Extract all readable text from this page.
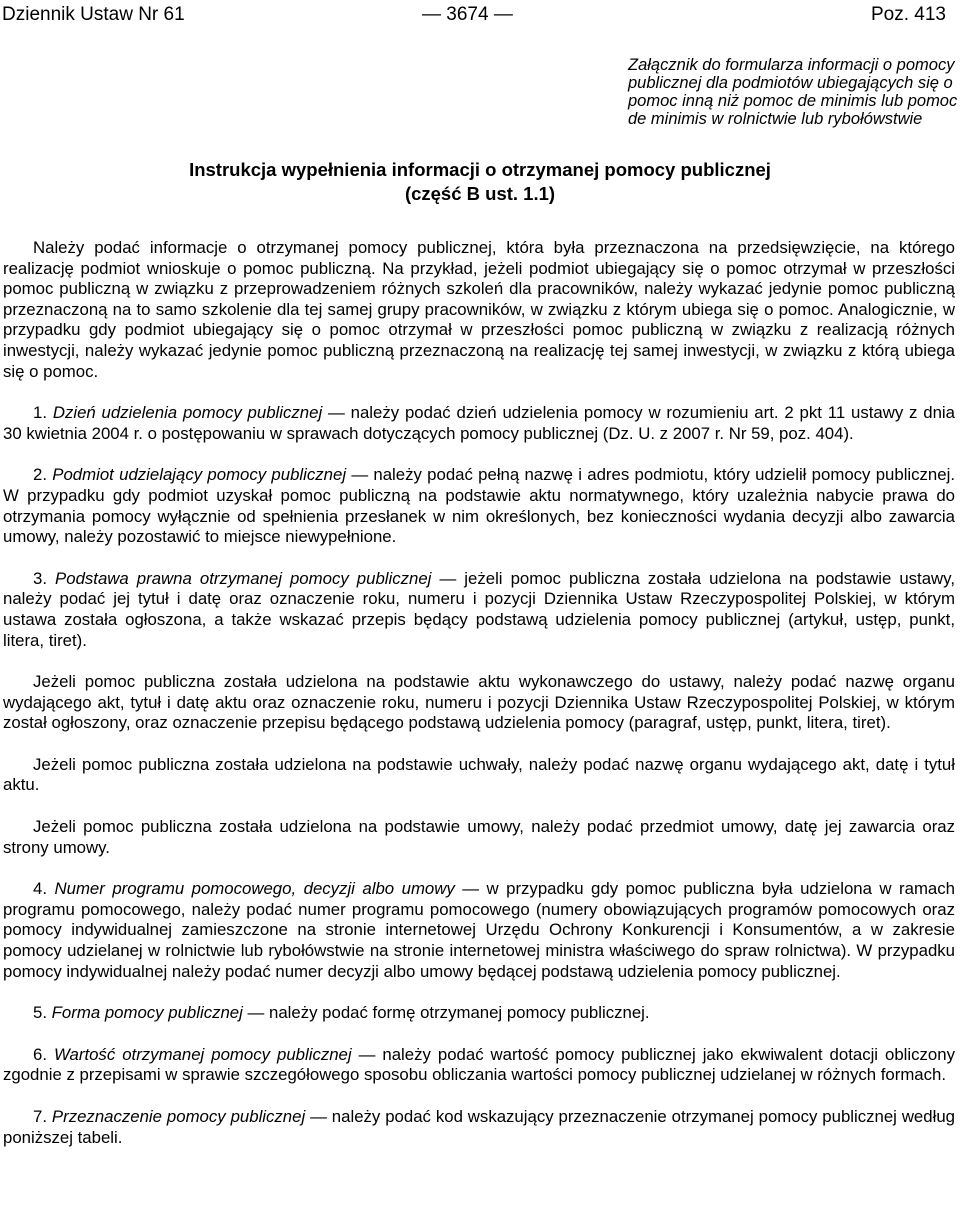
Dziennik Ustaw Nr 61	— 3674 —	Poz. 413
Załącznik do formularza informacji o pomocy publicznej dla podmiotów ubiegających się o pomoc inną niż pomoc de minimis lub pomoc de minimis w rolnictwie lub rybołówstwie
Instrukcja wypełnienia informacji o otrzymanej pomocy publicznej
(część B ust. 1.1)

Należy podać informacje o otrzymanej pomocy publicznej, która była przeznaczona na przedsięwzięcie, na którego realizację podmiot wnioskuje o pomoc publiczną. Na przykład, jeżeli podmiot ubiegający się o pomoc otrzymał w przeszłości pomoc publiczną w związku z przeprowadzeniem różnych szkoleń dla pracowników, należy wykazać jedynie pomoc publiczną przeznaczoną na to samo szkolenie dla tej samej grupy pracowników, w związku z którym ubiega się o pomoc. Analogicznie, w przypadku gdy podmiot ubiegający się o pomoc otrzymał w przeszłości pomoc publiczną w związku z realizacją różnych inwestycji, należy wykazać jedynie pomoc publiczną przeznaczoną na realizację tej samej inwestycji, w związku z którą ubiega się o pomoc.

1. Dzień udzielenia pomocy publicznej — należy podać dzień udzielenia pomocy w rozumieniu art. 2 pkt 11 ustawy z dnia 30 kwietnia 2004 r. o postępowaniu w sprawach dotyczących pomocy publicznej (Dz. U. z 2007 r. Nr 59, poz. 404).

2. Podmiot udzielający pomocy publicznej — należy podać pełną nazwę i adres podmiotu, który udzielił pomocy publicznej. W przypadku gdy podmiot uzyskał pomoc publiczną na podstawie aktu normatywnego, który uzależnia nabycie prawa do otrzymania pomocy wyłącznie od spełnienia przesłanek w nim określonych, bez konieczności wydania decyzji albo zawarcia umowy, należy pozostawić to miejsce niewypełnione.

3. Podstawa prawna otrzymanej pomocy publicznej — jeżeli pomoc publiczna została udzielona na podstawie ustawy, należy podać jej tytuł i datę oraz oznaczenie roku, numeru i pozycji Dziennika Ustaw Rzeczypospolitej Polskiej, w którym ustawa została ogłoszona, a także wskazać przepis będący podstawą udzielenia pomocy publicznej (artykuł, ustęp, punkt, litera, tiret).

Jeżeli pomoc publiczna została udzielona na podstawie aktu wykonawczego do ustawy, należy podać nazwę organu wydającego akt, tytuł i datę aktu oraz oznaczenie roku, numeru i pozycji Dziennika Ustaw Rzeczypospolitej Polskiej, w którym został ogłoszony, oraz oznaczenie przepisu będącego podstawą udzielenia pomocy (paragraf, ustęp, punkt, litera, tiret).

Jeżeli pomoc publiczna została udzielona na podstawie uchwały, należy podać nazwę organu wydającego akt, datę i tytuł aktu.

Jeżeli pomoc publiczna została udzielona na podstawie umowy, należy podać przedmiot umowy, datę jej zawarcia oraz strony umowy.

4. Numer programu pomocowego, decyzji albo umowy — w przypadku gdy pomoc publiczna była udzielona w ramach programu pomocowego, należy podać numer programu pomocowego (numery obowiązujących programów pomocowych oraz pomocy indywidualnej zamieszczone na stronie internetowej Urzędu Ochrony Konkurencji i Konsumentów, a w zakresie pomocy udzielanej w rolnictwie lub rybołówstwie na stronie internetowej ministra właściwego do spraw rolnictwa). W przypadku pomocy indywidualnej należy podać numer decyzji albo umowy będącej podstawą udzielenia pomocy publicznej.

5. Forma pomocy publicznej — należy podać formę otrzymanej pomocy publicznej.

6. Wartość otrzymanej pomocy publicznej — należy podać wartość pomocy publicznej jako ekwiwalent dotacji obliczony zgodnie z przepisami w sprawie szczegółowego sposobu obliczania wartości pomocy publicznej udzielanej w różnych formach.

7. Przeznaczenie pomocy publicznej — należy podać kod wskazujący przeznaczenie otrzymanej pomocy publicznej według poniższej tabeli.
